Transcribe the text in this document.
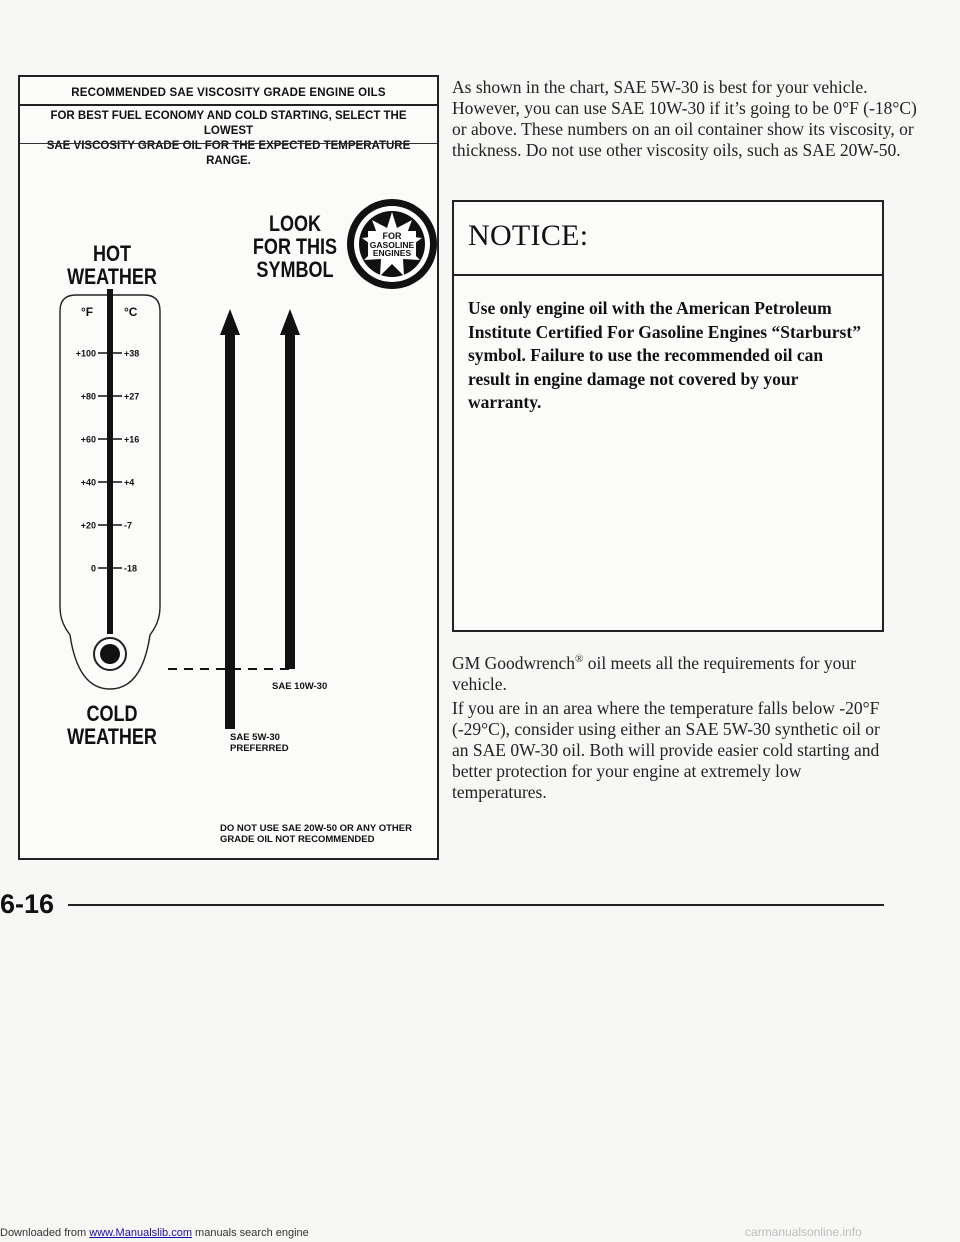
RECOMMENDED SAE VISCOSITY GRADE ENGINE OILS
FOR BEST FUEL ECONOMY AND COLD STARTING, SELECT THE LOWEST
SAE VISCOSITY GRADE OIL FOR THE EXPECTED TEMPERATURE RANGE.
HOT
WEATHER
LOOK
FOR THIS
SYMBOL
FOR
GASOLINE
ENGINES
°F	°C
+100	+38
+80	+27
+60	+16
+40	+4
+20	-7
0	-18
SAE 10W-30
SAE 5W-30
PREFERRED
COLD
WEATHER
DO NOT USE SAE 20W-50 OR ANY OTHER
GRADE OIL NOT RECOMMENDED
As shown in the chart, SAE 5W-30 is best for your vehicle. However, you can use SAE 10W-30 if it’s going to be 0°F (-18°C) or above. These numbers on an oil container show its viscosity, or thickness. Do not use other viscosity oils, such as SAE 20W-50.
NOTICE:
Use only engine oil with the American Petroleum Institute Certified For Gasoline Engines “Starburst” symbol. Failure to use the recommended oil can result in engine damage not covered by your warranty.
GM Goodwrench® oil meets all the requirements for your vehicle.
If you are in an area where the temperature falls below -20°F (-29°C), consider using either an SAE 5W-30 synthetic oil or an SAE 0W-30 oil. Both will provide easier cold starting and better protection for your engine at extremely low temperatures.
6-16
Downloaded from www.Manualslib.com manuals search engine	carmanualsonline.info
